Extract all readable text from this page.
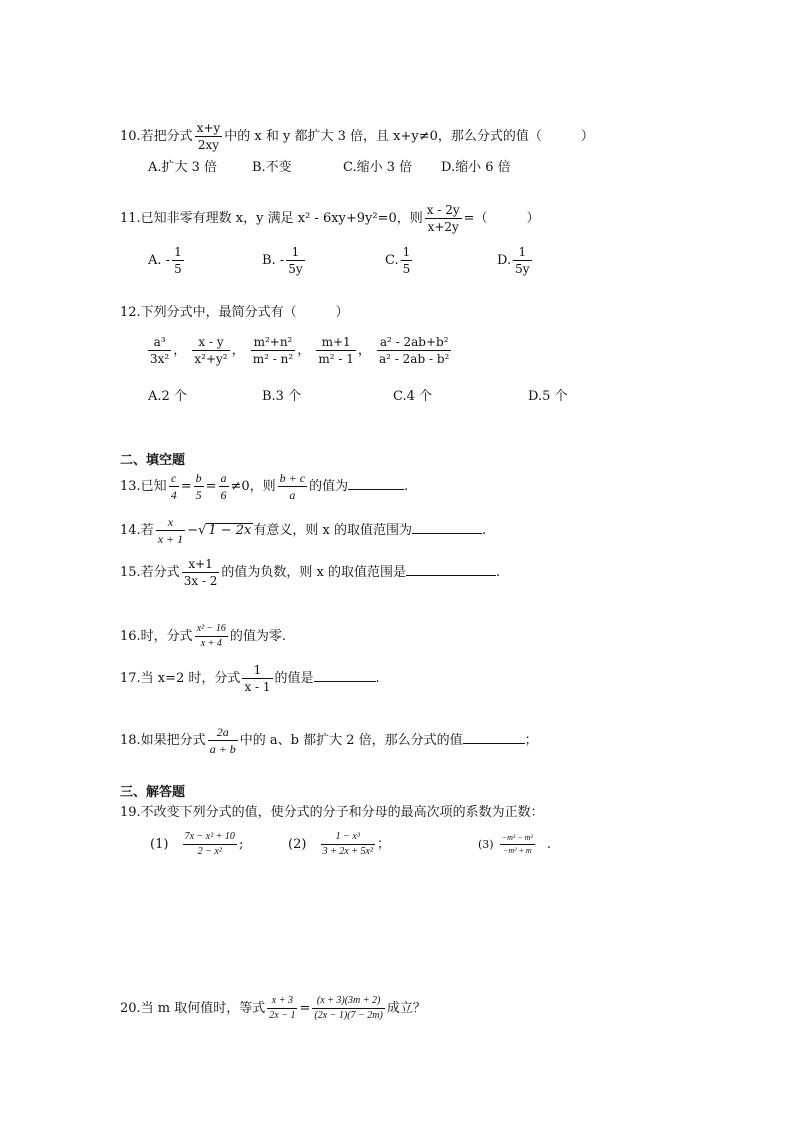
10.若把分式 $\frac{x+y}{2xy}$ 中的 x 和 y 都扩大 3 倍，且 x+y≠0，那么分式的值（　　　）
A.扩大 3 倍	B.不变	C.缩小 3 倍 D.缩小 6 倍
11.已知非零有理数 x，y 满足 x² - 6xy+9y²=0，则 $\frac{x - 2y}{x+2y}$ =（　　　）
A. - $\frac{1}{5}$	B. - $\frac{1}{5y}$	C. $\frac{1}{5}$	D. $\frac{1}{5y}$
12.下列分式中，最简分式有（　　　）
$\frac{\text{a³}}{\text{3x²}}$ ， $\frac{x - y}{\text{x²+y²}}$ ， $\frac{\text{m²+n²}}{\text{m² - n²}}$ ， $\frac{m+1}{\text{m² - 1}}$ ， $\frac{\text{a² - 2ab+b²}}{\text{a² - 2ab - b²}}$
A.2 个	B.3 个	C.4 个	D.5 个
二、填空题
13.已知 $\frac{c}{4} = \frac{b}{5} = \frac{a}{6} \ne 0$，则 $\frac{b + c}{a}$ 的值为	.
14.若 $\frac{x}{x + 1}$ −√ 1 − 2x 有意义，则 x 的取值范围为	.
15.若分式 $\frac{x+1}{3x - 2}$ 的值为负数，则 x 的取值范围是	.
16.时，分式 $\frac{\text{x² − 16}}{x + 4}$ 的值为零.
17.当 x=2 时，分式 $\frac{1}{x - 1}$ 的值是	.
18.如果把分式 $\frac{2a}{a + b}$ 中的 a、b 都扩大 2 倍，那么分式的值	；
三、解答题
19.不改变下列分式的值，使分式的分子和分母的最高次项的系数为正数：
$(1) \frac{\text{7x − x² + 10}}{\text{2 − x²}}$ ;	$(2) \frac{\text{1 − x³}}{\text{3 + 2x + 5x²}}$ ；	$(3) \frac{\text{−m³ − m²}}{\text{−m² + m}}$ .
20.当 m 取何值时，等式 $\frac{x + 3}{2x - 1} = \frac{(x + 3)(3m + 2)}{(2x - 1)(7 - 2m)}$ 成立？
